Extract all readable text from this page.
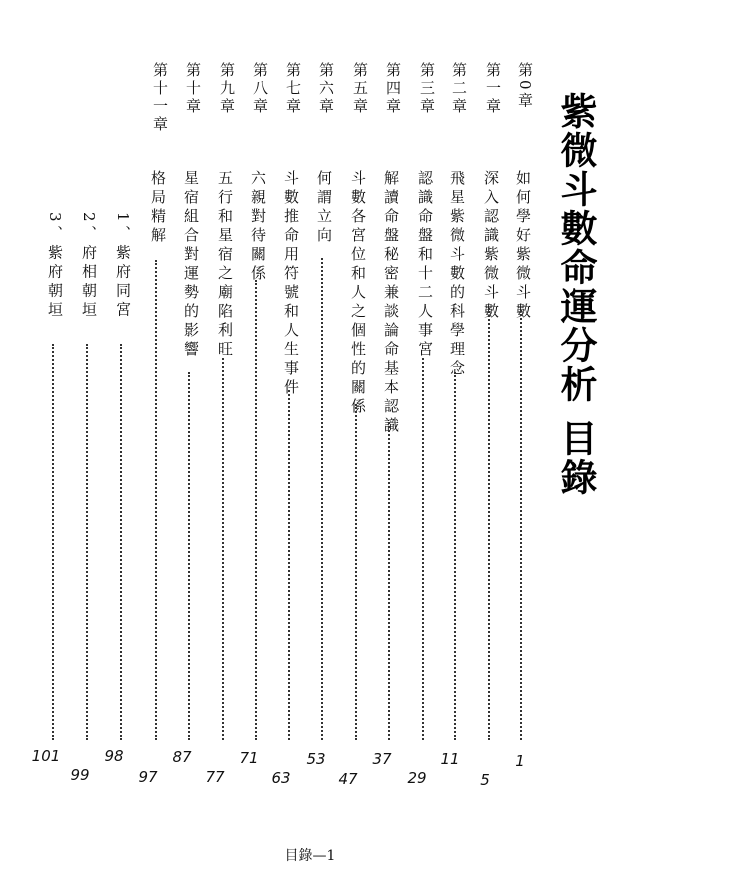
紫微斗數命運分析 目錄
第0章
如何學好紫微斗數
1
第一章
深入認識紫微斗數
5
第二章
飛星紫微斗數的科學理念
11
第三章
認識命盤和十二人事宮
29
第四章
解讀命盤秘密兼談論命基本認識
37
第五章
斗數各宮位和人之個性的關係
47
第六章
何謂立向
53
第七章
斗數推命用符號和人生事件
63
第八章
六親對待關係
71
第九章
五行和星宿之廟陷利旺
77
第十章
星宿組合對運勢的影響
87
第十一章
格局精解
97
1、紫府同宮
98
2、府相朝垣
99
3、紫府朝垣
101
目錄—1
